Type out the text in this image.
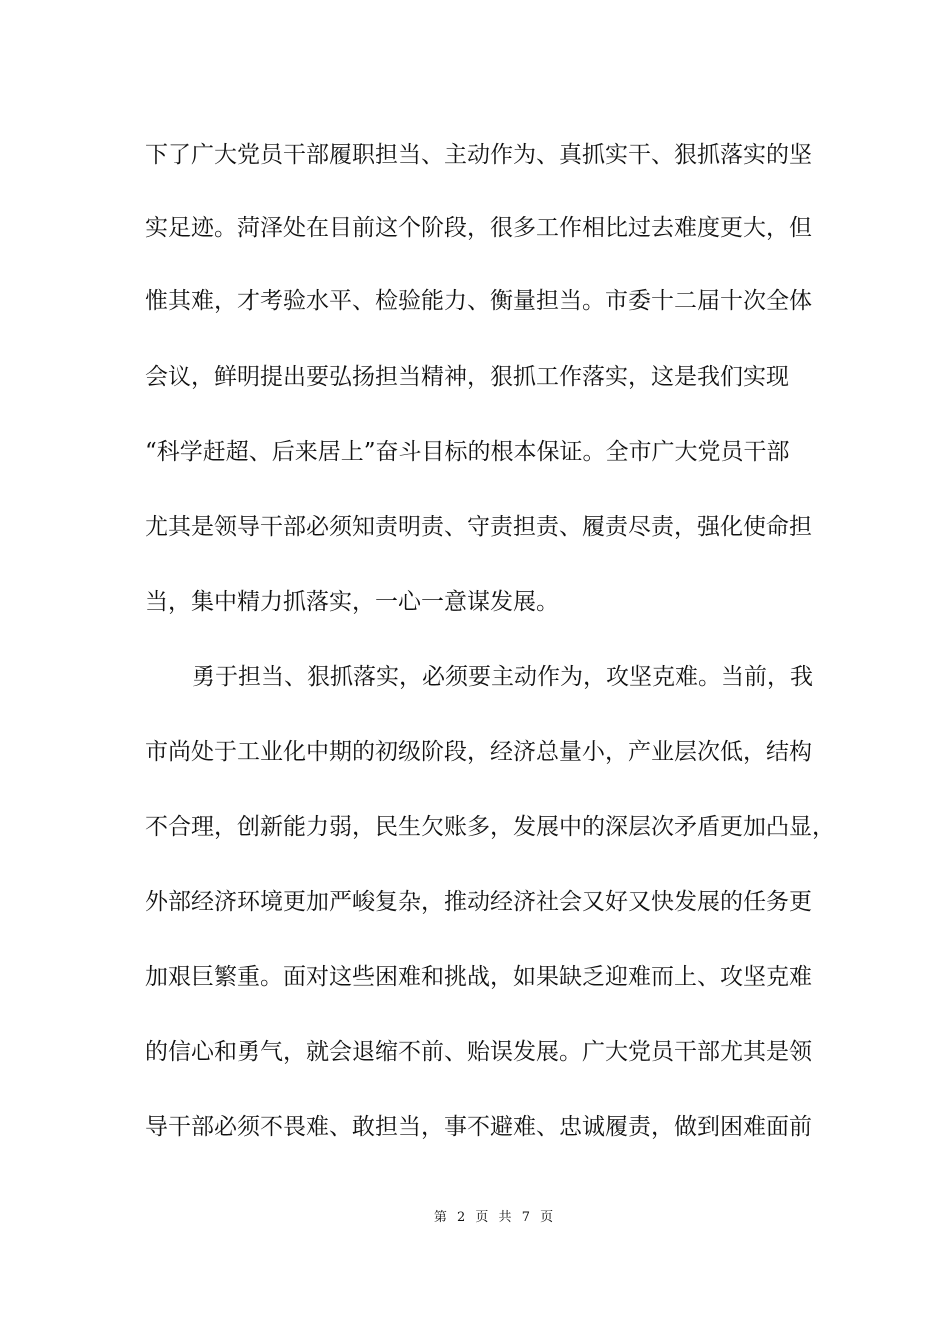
下了广大党员干部履职担当、主动作为、真抓实干、狠抓落实的坚
实足迹。菏泽处在目前这个阶段，很多工作相比过去难度更大，但
惟其难，才考验水平、检验能力、衡量担当。市委十二届十次全体
会议，鲜明提出要弘扬担当精神，狠抓工作落实，这是我们实现
“科学赶超、后来居上”奋斗目标的根本保证。全市广大党员干部
尤其是领导干部必须知责明责、守责担责、履责尽责，强化使命担
当，集中精力抓落实，一心一意谋发展。
勇于担当、狠抓落实，必须要主动作为，攻坚克难。当前，我
市尚处于工业化中期的初级阶段，经济总量小，产业层次低，结构
不合理，创新能力弱，民生欠账多，发展中的深层次矛盾更加凸显，
外部经济环境更加严峻复杂，推动经济社会又好又快发展的任务更
加艰巨繁重。面对这些困难和挑战，如果缺乏迎难而上、攻坚克难
的信心和勇气，就会退缩不前、贻误发展。广大党员干部尤其是领
导干部必须不畏难、敢担当，事不避难、忠诚履责，做到困难面前
第 2 页 共 7 页
